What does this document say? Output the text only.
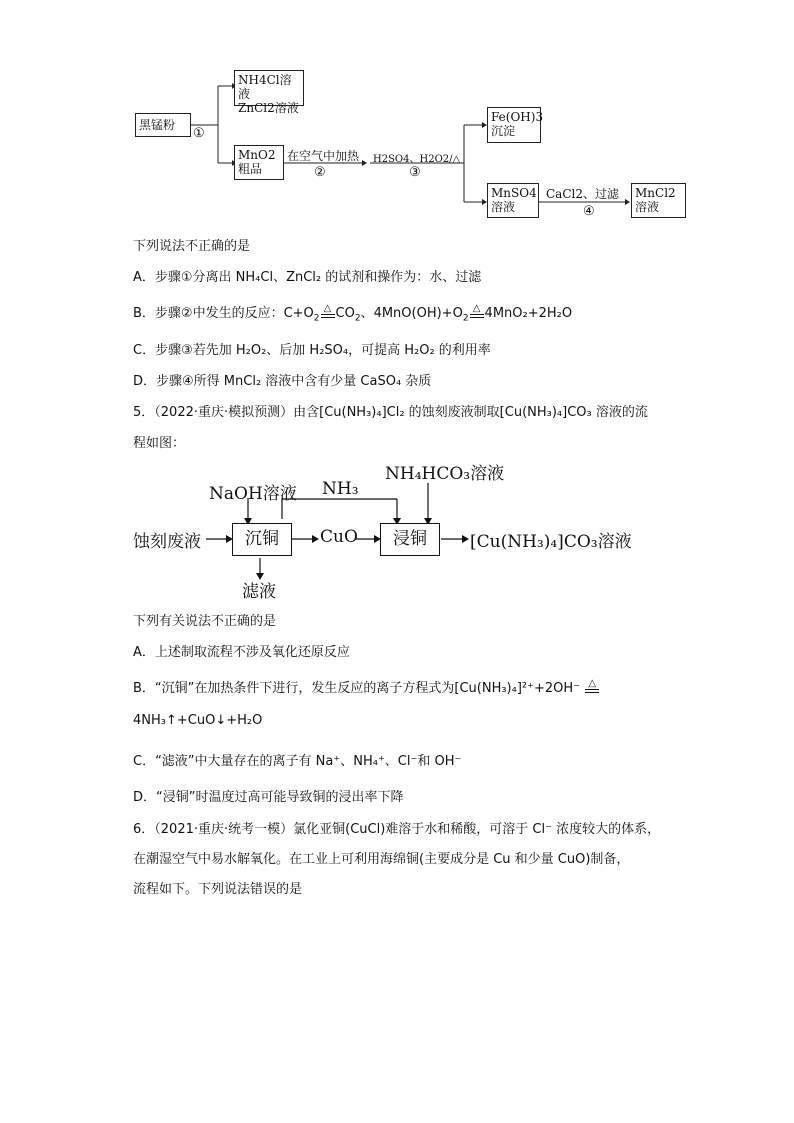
黑锰粉
①
NH4Cl溶液
ZnCl2溶液
MnO2
粗品
在空气中加热
②
H2SO4、H2O2/△
③
Fe(OH)3
沉淀
MnSO4
溶液
CaCl2、过滤
④
MnCl2
溶液
下列说法不正确的是
A．步骤①分离出 NH₄Cl、ZnCl₂ 的试剂和操作为：水、过滤
B．步骤②中发生的反应：$C+O_2\triangle$ $CO_2$、$4MnO(OH)+O_2\triangle$ 4MnO₂+2H₂O
C．步骤③若先加 H₂O₂、后加 H₂SO₄，可提高 H₂O₂ 的利用率
D．步骤④所得 MnCl₂ 溶液中含有少量 CaSO₄ 杂质
5．（2022·重庆·模拟预测）由含[Cu(NH₃)₄]Cl₂ 的蚀刻废液制取[Cu(NH₃)₄]CO₃ 溶液的流
程如图：
蚀刻废液
NaOH溶液 NH₃
NH₄HCO₃溶液
沉铜	CuO	浸铜	[Cu(NH₃)₄]CO₃溶液
滤液
下列有关说法不正确的是
A．上述制取流程不涉及氧化还原反应
B．“沉铜”在加热条件下进行，发生反应的离子方程式为[Cu(NH₃)₄]²⁺+2OH⁻ △
4NH₃↑+CuO↓+H₂O
C．“滤液”中大量存在的离子有 Na⁺、NH₄⁺、Cl⁻和 OH⁻
D．“浸铜”时温度过高可能导致铜的浸出率下降
6．（2021·重庆·统考一模）氯化亚铜(CuCl)难溶于水和稀酸，可溶于 Cl⁻ 浓度较大的体系，
在潮湿空气中易水解氧化。在工业上可利用海绵铜(主要成分是 Cu 和少量 CuO)制备，
流程如下。下列说法错误的是
